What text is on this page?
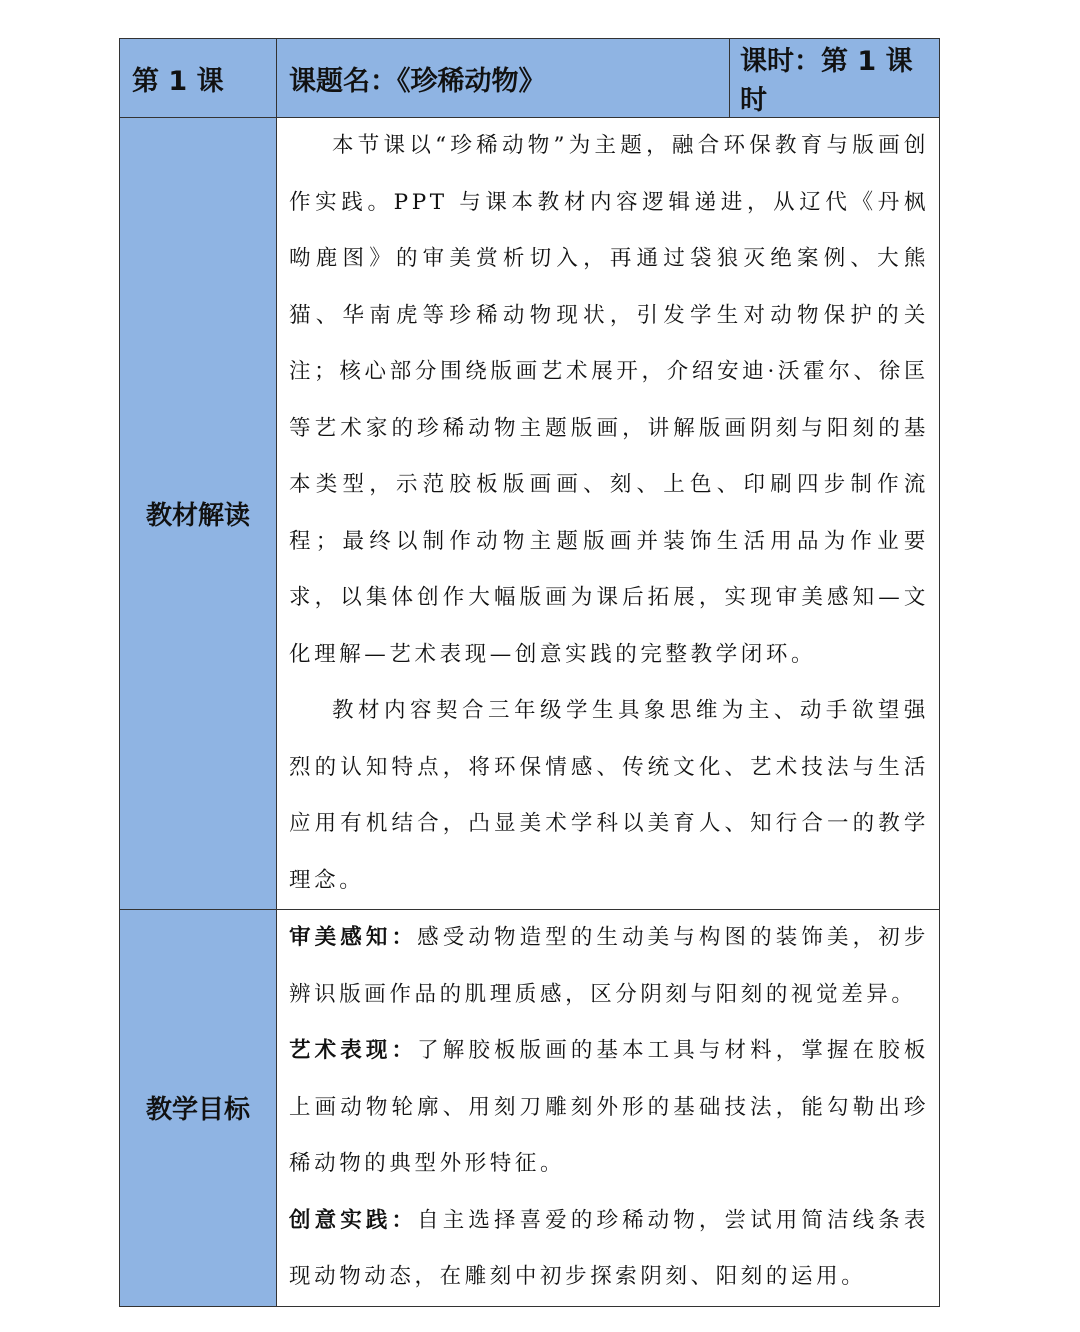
第 1 课	课题名：《珍稀动物》	课时：第 1 课时
教材解读	本节课以“珍稀动物”为主题，融合环保教育与版画创作实践。PPT 与课本教材内容逻辑递进，从辽代《丹枫呦鹿图》的审美赏析切入，再通过袋狼灭绝案例、大熊猫、华南虎等珍稀动物现状，引发学生对动物保护的关注；核心部分围绕版画艺术展开，介绍安迪·沃霍尔、徐匡等艺术家的珍稀动物主题版画，讲解版画阴刻与阳刻的基本类型，示范胶板版画画、刻、上色、印刷四步制作流程；最终以制作动物主题版画并装饰生活用品为作业要求，以集体创作大幅版画为课后拓展，实现审美感知—文化理解—艺术表现—创意实践的完整教学闭环。

教材内容契合三年级学生具象思维为主、动手欲望强烈的认知特点，将环保情感、传统文化、艺术技法与生活应用有机结合，凸显美术学科以美育人、知行合一的教学理念。	

教学目标	审美感知：感受动物造型的生动美与构图的装饰美，初步辨识版画作品的肌理质感，区分阴刻与阳刻的视觉差异。

艺术表现：了解胶板版画的基本工具与材料，掌握在胶板上画动物轮廓、用刻刀雕刻外形的基础技法，能勾勒出珍稀动物的典型外形特征。

创意实践：自主选择喜爱的珍稀动物，尝试用简洁线条表现动物动态，在雕刻中初步探索阴刻、阳刻的运用。	
